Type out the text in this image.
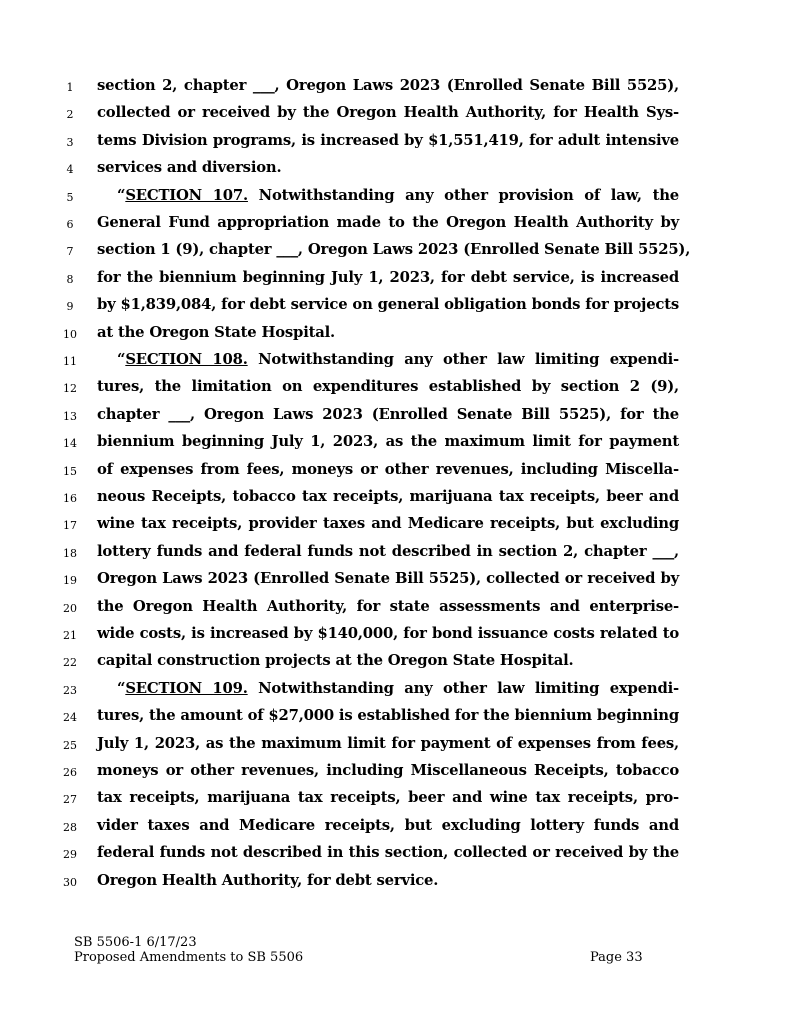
1	section 2, chapter ___, Oregon Laws 2023 (Enrolled Senate Bill 5525),
2	collected or received by the Oregon Health Authority, for Health Sys-
3	tems Division programs, is increased by $1,551,419, for adult intensive
4	services and diversion.
5	“SECTION 107. Notwithstanding any other provision of law, the
6	General Fund appropriation made to the Oregon Health Authority by
7	section 1 (9), chapter ___, Oregon Laws 2023 (Enrolled Senate Bill 5525),
8	for the biennium beginning July 1, 2023, for debt service, is increased
9	by $1,839,084, for debt service on general obligation bonds for projects
10	at the Oregon State Hospital.
11	“SECTION 108. Notwithstanding any other law limiting expendi-
12	tures, the limitation on expenditures established by section 2 (9),
13	chapter ___, Oregon Laws 2023 (Enrolled Senate Bill 5525), for the
14	biennium beginning July 1, 2023, as the maximum limit for payment
15	of expenses from fees, moneys or other revenues, including Miscella-
16	neous Receipts, tobacco tax receipts, marijuana tax receipts, beer and
17	wine tax receipts, provider taxes and Medicare receipts, but excluding
18	lottery funds and federal funds not described in section 2, chapter ___,
19	Oregon Laws 2023 (Enrolled Senate Bill 5525), collected or received by
20	the Oregon Health Authority, for state assessments and enterprise-
21	wide costs, is increased by $140,000, for bond issuance costs related to
22	capital construction projects at the Oregon State Hospital.
23	“SECTION 109. Notwithstanding any other law limiting expendi-
24	tures, the amount of $27,000 is established for the biennium beginning
25	July 1, 2023, as the maximum limit for payment of expenses from fees,
26	moneys or other revenues, including Miscellaneous Receipts, tobacco
27	tax receipts, marijuana tax receipts, beer and wine tax receipts, pro-
28	vider taxes and Medicare receipts, but excluding lottery funds and
29	federal funds not described in this section, collected or received by the
30	Oregon Health Authority, for debt service.
SB 5506-1 6/17/23
Proposed Amendments to SB 5506	Page 33
